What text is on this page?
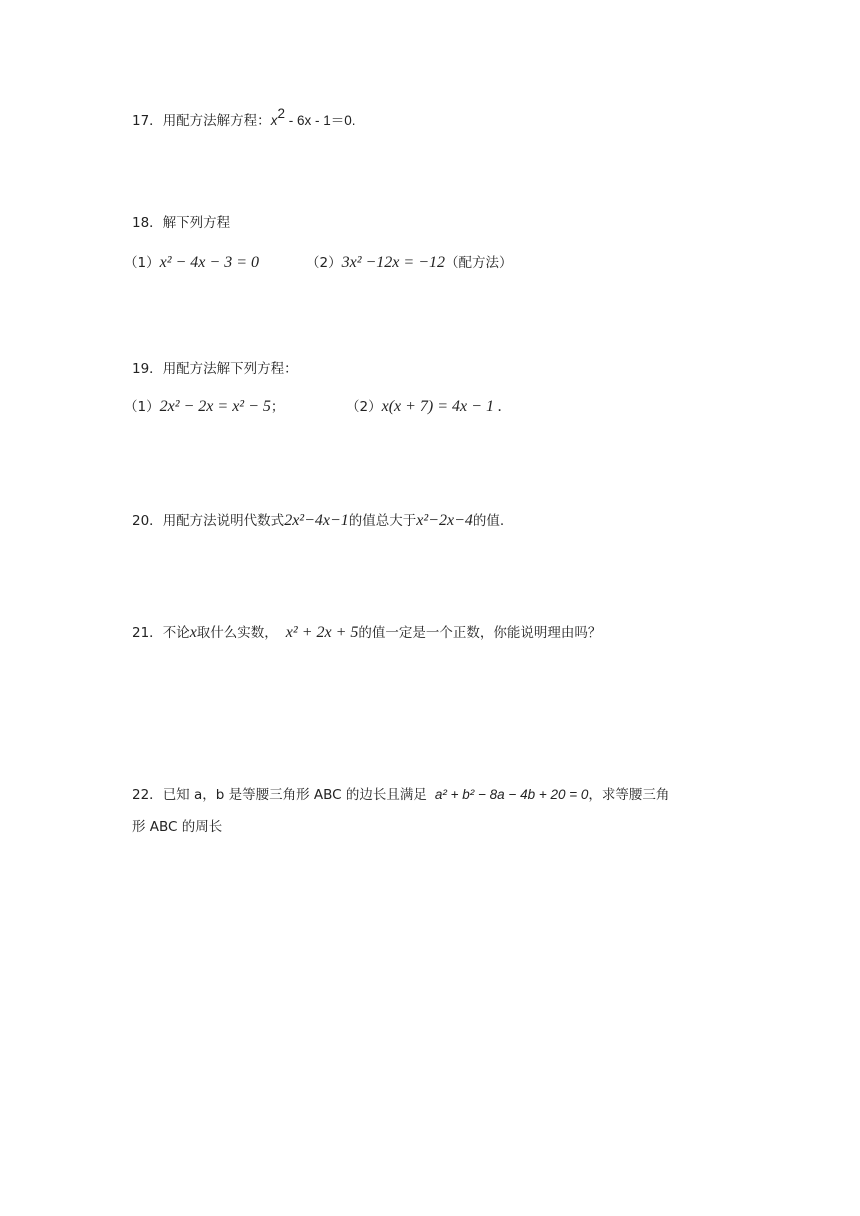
17．用配方法解方程：$x^2 - 6x - 1=0$.
18．解下列方程
（1）x² − 4x − 3 = 0	（2）3x² −12x = −12（配方法）
19．用配方法解下列方程：
（1）2x² − 2x = x² − 5；	（2）x(x + 7) = 4x − 1 .
20．用配方法说明代数式2x²−4x−1的值总大于x²−2x−4的值.
21．不论x取什么实数， x² + 2x + 5的值一定是一个正数，你能说明理由吗？
22．已知 a，b 是等腰三角形 ABC 的边长且满足 a² + b² − 8a − 4b + 20 = 0，求等腰三角
形 ABC 的周长
